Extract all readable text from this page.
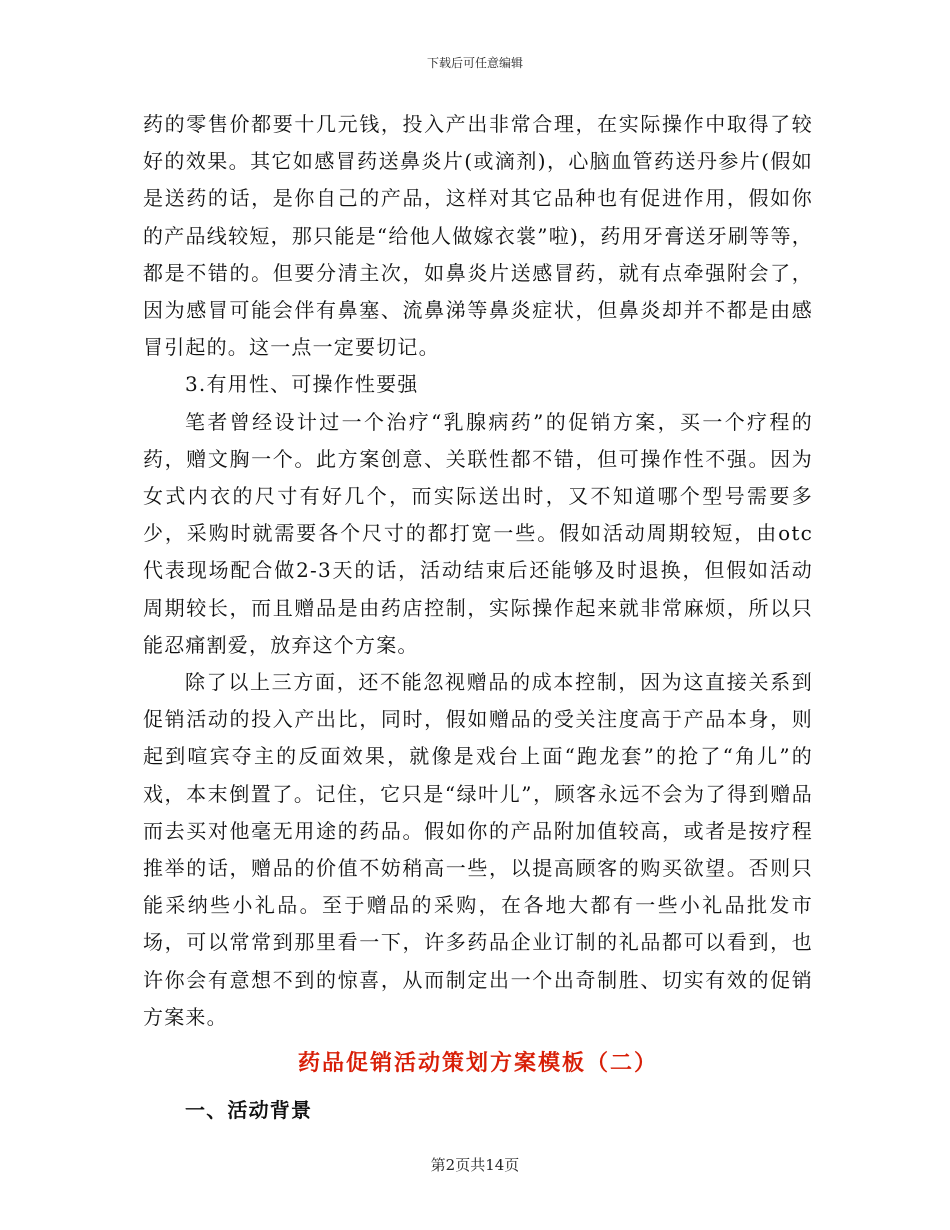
下载后可任意编辑

药的零售价都要十几元钱，投入产出非常合理，在实际操作中取得了较好的效果。其它如感冒药送鼻炎片(或滴剂)，心脑血管药送丹参片(假如是送药的话，是你自己的产品，这样对其它品种也有促进作用，假如你的产品线较短，那只能是“给他人做嫁衣裳”啦)，药用牙膏送牙刷等等，都是不错的。但要分清主次，如鼻炎片送感冒药，就有点牵强附会了，因为感冒可能会伴有鼻塞、流鼻涕等鼻炎症状，但鼻炎却并不都是由感冒引起的。这一点一定要切记。

3.有用性、可操作性要强

笔者曾经设计过一个治疗“乳腺病药”的促销方案，买一个疗程的药，赠文胸一个。此方案创意、关联性都不错，但可操作性不强。因为女式内衣的尺寸有好几个，而实际送出时，又不知道哪个型号需要多少，采购时就需要各个尺寸的都打宽一些。假如活动周期较短，由otc代表现场配合做2-3天的话，活动结束后还能够及时退换，但假如活动周期较长，而且赠品是由药店控制，实际操作起来就非常麻烦，所以只能忍痛割爱，放弃这个方案。

除了以上三方面，还不能忽视赠品的成本控制，因为这直接关系到促销活动的投入产出比，同时，假如赠品的受关注度高于产品本身，则起到喧宾夺主的反面效果，就像是戏台上面“跑龙套”的抢了“角儿”的戏，本末倒置了。记住，它只是“绿叶儿”，顾客永远不会为了得到赠品而去买对他毫无用途的药品。假如你的产品附加值较高，或者是按疗程推举的话，赠品的价值不妨稍高一些，以提高顾客的购买欲望。否则只能采纳些小礼品。至于赠品的采购，在各地大都有一些小礼品批发市场，可以常常到那里看一下，许多药品企业订制的礼品都可以看到，也许你会有意想不到的惊喜，从而制定出一个出奇制胜、切实有效的促销方案来。

药品促销活动策划方案模板（二）
一、活动背景
第2页共14页
